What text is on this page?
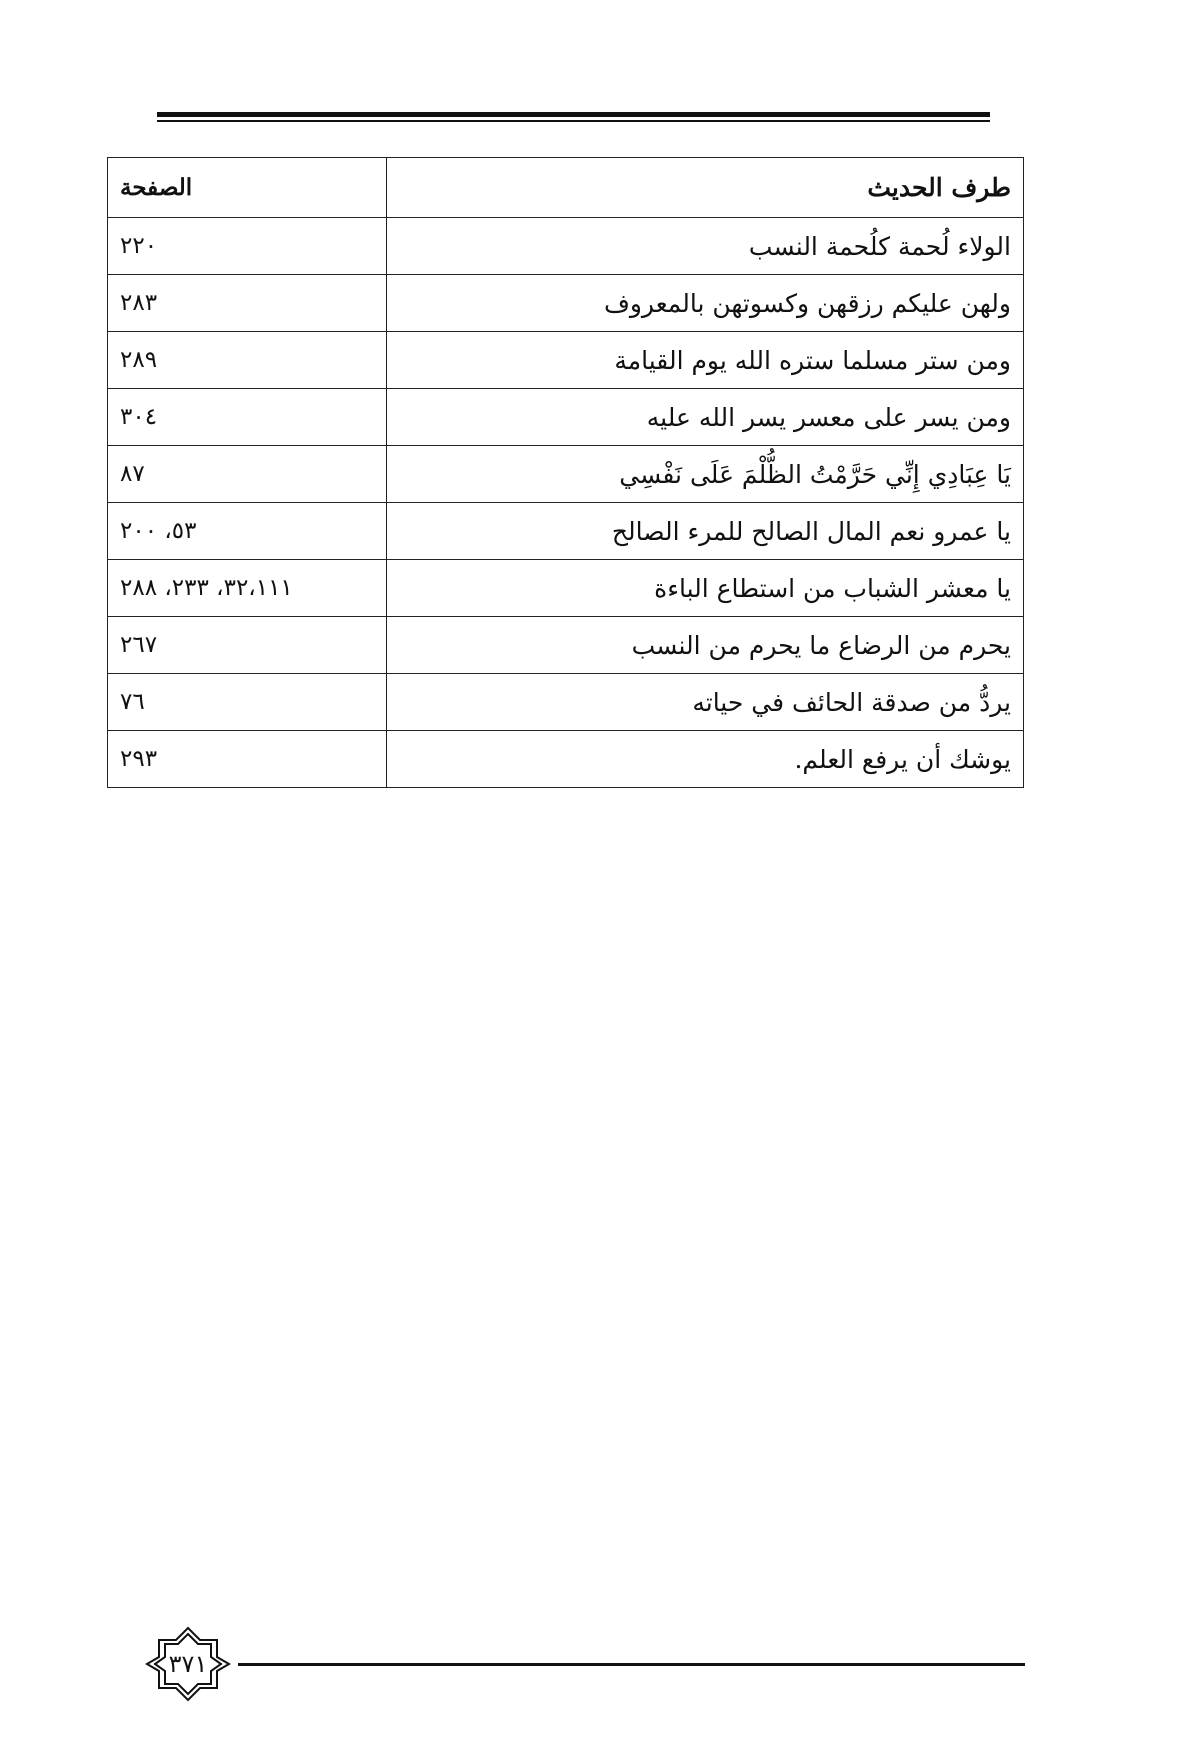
طرف الحديث	الصفحة
الولاء لُحمة كلُحمة النسب	٢٢٠
ولهن عليكم رزقهن وكسوتهن بالمعروف	٢٨٣
ومن ستر مسلما ستره الله يوم القيامة	٢٨٩
ومن يسر على معسر يسر الله عليه	٣٠٤
يَا عِبَادِي إِنِّي حَرَّمْتُ الظُّلْمَ عَلَى نَفْسِي	٨٧
يا عمرو نعم المال الصالح للمرء الصالح	٥٣، ٢٠٠
يا معشر الشباب من استطاع الباءة	٣٢،١١١، ٢٣٣، ٢٨٨
يحرم من الرضاع ما يحرم من النسب	٢٦٧
يردُّ من صدقة الحائف في حياته	٧٦
يوشك أن يرفع العلم.	٢٩٣
٣٧١
